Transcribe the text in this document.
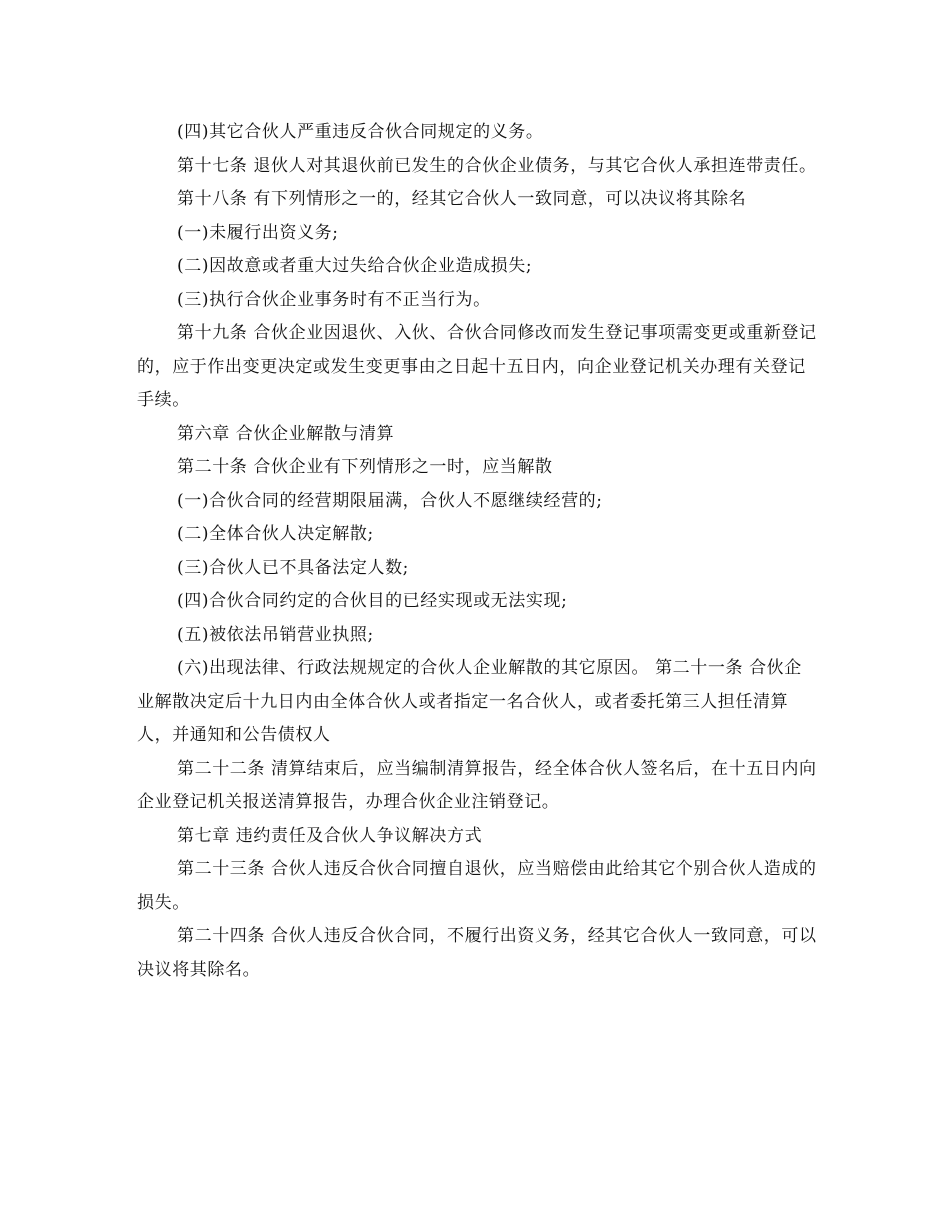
(四)其它合伙人严重违反合伙合同规定的义务。

第十七条 退伙人对其退伙前已发生的合伙企业债务，与其它合伙人承担连带责任。

第十八条 有下列情形之一的，经其它合伙人一致同意，可以决议将其除名

(一)未履行出资义务;

(二)因故意或者重大过失给合伙企业造成损失;

(三)执行合伙企业事务时有不正当行为。

第十九条 合伙企业因退伙、入伙、合伙合同修改而发生登记事项需变更或重新登记的，应于作出变更决定或发生变更事由之日起十五日内，向企业登记机关办理有关登记手续。

第六章 合伙企业解散与清算

第二十条 合伙企业有下列情形之一时，应当解散

(一)合伙合同的经营期限届满，合伙人不愿继续经营的;

(二)全体合伙人决定解散;

(三)合伙人已不具备法定人数;

(四)合伙合同约定的合伙目的已经实现或无法实现;

(五)被依法吊销营业执照;

(六)出现法律、行政法规规定的合伙人企业解散的其它原因。 第二十一条 合伙企业解散决定后十九日内由全体合伙人或者指定一名合伙人，或者委托第三人担任清算人，并通知和公告债权人

第二十二条 清算结束后，应当编制清算报告，经全体合伙人签名后，在十五日内向企业登记机关报送清算报告，办理合伙企业注销登记。

第七章 违约责任及合伙人争议解决方式

第二十三条 合伙人违反合伙合同擅自退伙，应当赔偿由此给其它个别合伙人造成的损失。

第二十四条 合伙人违反合伙合同，不履行出资义务，经其它合伙人一致同意，可以决议将其除名。
